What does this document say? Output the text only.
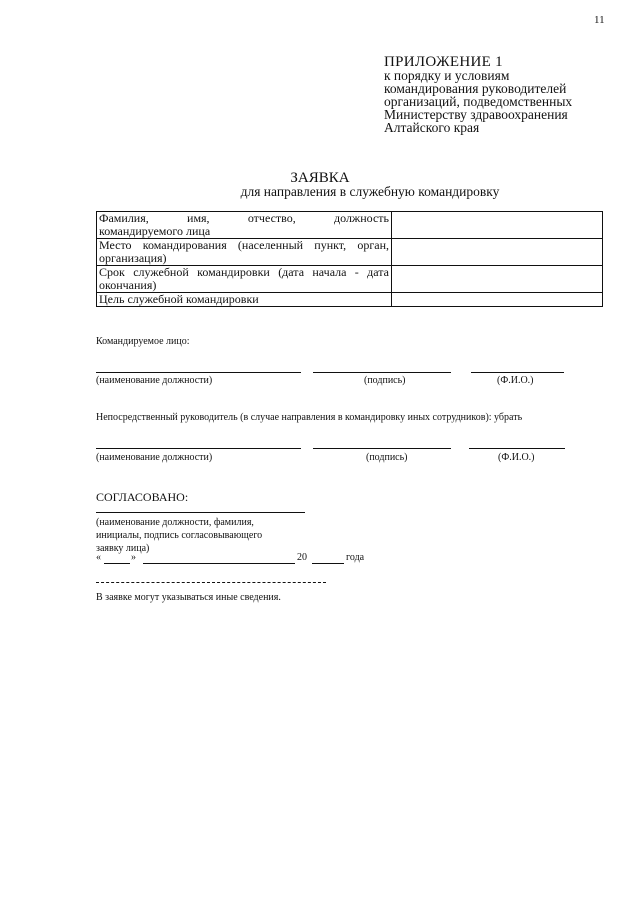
11
ПРИЛОЖЕНИЕ 1
к порядку и условиям
командирования руководителей
организаций, подведомственных
Министерству здравоохранения
Алтайского края
ЗАЯВКА
для направления в служебную командировку
Фамилия, имя, отчество, должность
командируемого лица	

Место командирования (населенный пункт, орган,
организация)	

Срок служебной командировки (дата начала - дата
окончания)	

Цель служебной командировки	

Командируемое лицо:
(наименование должности)	(подпись)	(Ф.И.О.)
Непосредственный руководитель (в случае направления в командировку иных сотрудников): убрать
(наименование должности)	(подпись)	(Ф.И.О.)
СОГЛАСОВАНО:
(наименование должности, фамилия,
инициалы, подпись согласовывающего
заявку лица)
«	»	20	года
В заявке могут указываться иные сведения.
